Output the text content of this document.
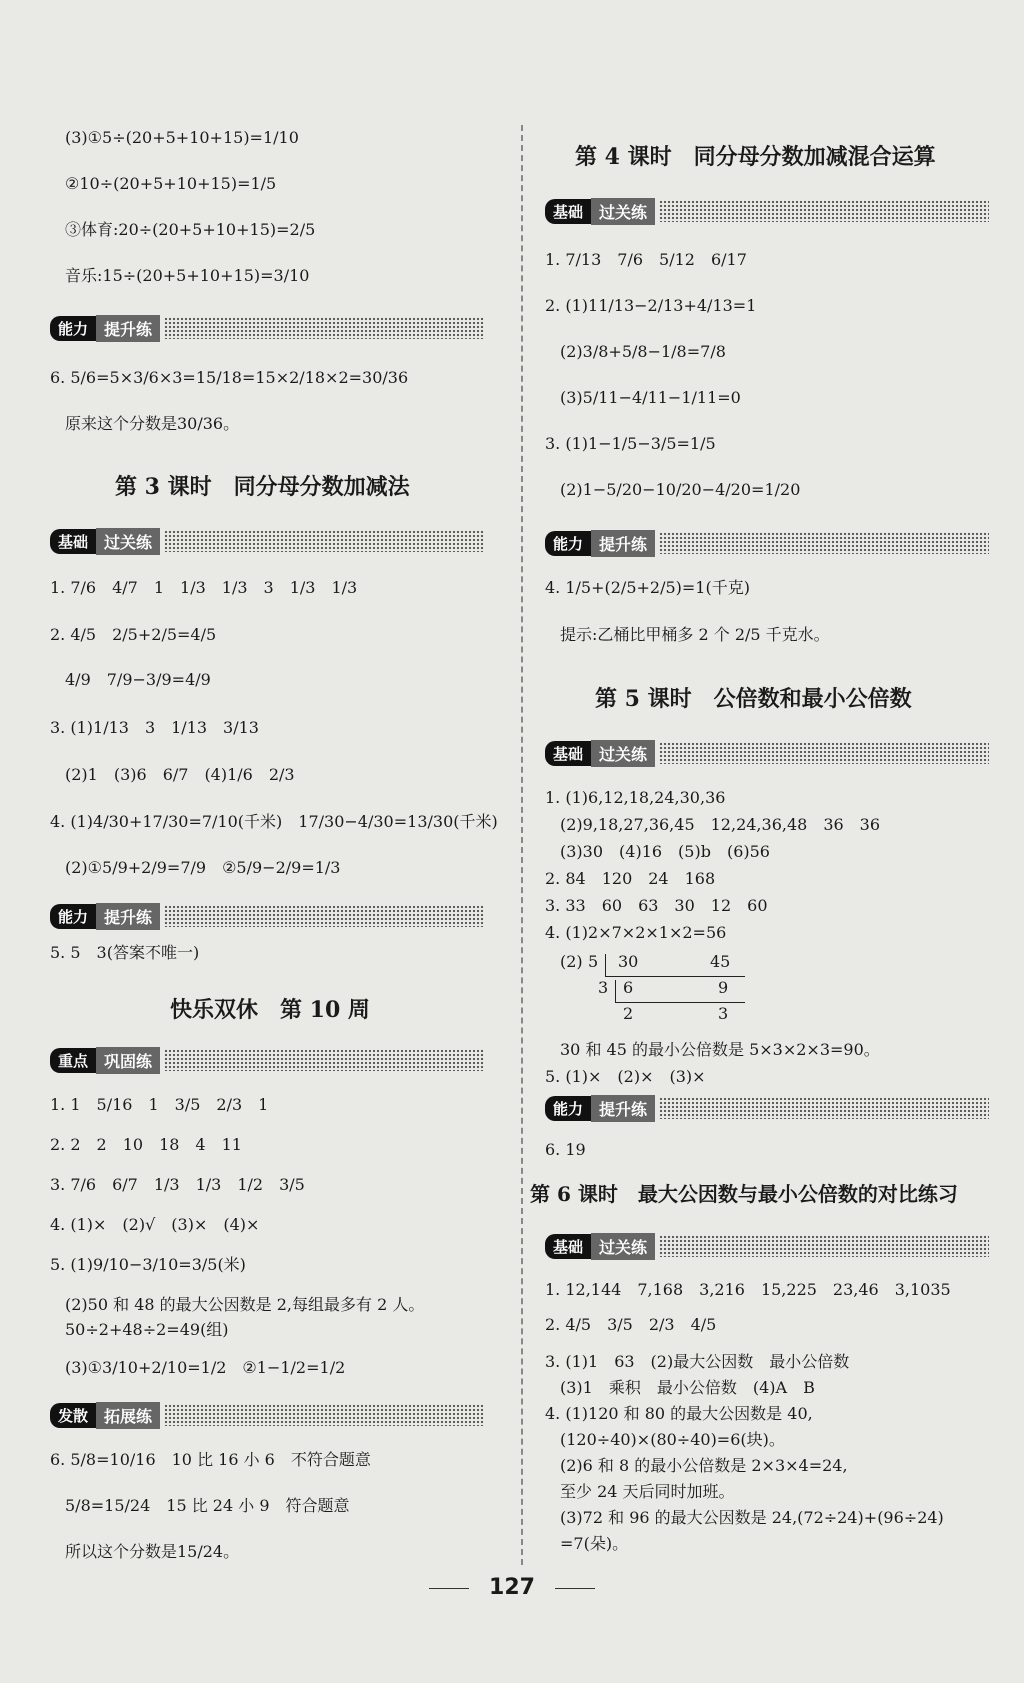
(3)①5÷(20+5+10+15)=1/10
②10÷(20+5+10+15)=1/5
③体育:20÷(20+5+10+15)=2/5
音乐:15÷(20+5+10+15)=3/10
能力	提升练
6. 5/6=5×3/6×3=15/18=15×2/18×2=30/36
原来这个分数是30/36。
第 3 课时　同分母分数加减法
基础	过关练
1. 7/6　4/7　1　1/3　1/3　3　1/3　1/3
2. 4/5　2/5+2/5=4/5
4/9　7/9−3/9=4/9
3. (1)1/13　3　1/13　3/13
(2)1　(3)6　6/7　(4)1/6　2/3
4. (1)4/30+17/30=7/10(千米)　17/30−4/30=13/30(千米)
(2)①5/9+2/9=7/9　②5/9−2/9=1/3
能力	提升练
5. 5　3(答案不唯一)
快乐双休　第 10 周
重点	巩固练
1. 1　5/16　1　3/5　2/3　1
2. 2　2　10　18　4　11
3. 7/6　6/7　1/3　1/3　1/2　3/5
4. (1)×　(2)√　(3)×　(4)×
5. (1)9/10−3/10=3/5(米)
(2)50 和 48 的最大公因数是 2,每组最多有 2 人。
50÷2+48÷2=49(组)
(3)①3/10+2/10=1/2　②1−1/2=1/2
发散	拓展练
6. 5/8=10/16　10 比 16 小 6　不符合题意
5/8=15/24　15 比 24 小 9　符合题意
所以这个分数是15/24。
第 4 课时　同分母分数加减混合运算
基础	过关练
1. 7/13　7/6　5/12　6/17
2. (1)11/13−2/13+4/13=1
(2)3/8+5/8−1/8=7/8
(3)5/11−4/11−1/11=0
3. (1)1−1/5−3/5=1/5
(2)1−5/20−10/20−4/20=1/20
能力	提升练
4. 1/5+(2/5+2/5)=1(千克)
提示:乙桶比甲桶多 2 个 2/5 千克水。
第 5 课时　公倍数和最小公倍数
基础	过关练
1. (1)6,12,18,24,30,36
(2)9,18,27,36,45　12,24,36,48　36　36
(3)30　(4)16　(5)b　(6)56
2. 84　120　24　168
3. 33　60　63　30　12　60
4. (1)2×7×2×1×2=56
(2) 5 30	45
3 6	9
2	3
30 和 45 的最小公倍数是 5×3×2×3=90。
5. (1)×　(2)×　(3)×
能力	提升练
6. 19
第 6 课时　最大公因数与最小公倍数的对比练习
基础	过关练
1. 12,144　7,168　3,216　15,225　23,46　3,1035
2. 4/5　3/5　2/3　4/5
3. (1)1　63　(2)最大公因数　最小公倍数
(3)1　乘积　最小公倍数　(4)A　B
4. (1)120 和 80 的最大公因数是 40,
(120÷40)×(80÷40)=6(块)。
(2)6 和 8 的最小公倍数是 2×3×4=24,
至少 24 天后同时加班。
(3)72 和 96 的最大公因数是 24,(72÷24)+(96÷24)
=7(朵)。
127
